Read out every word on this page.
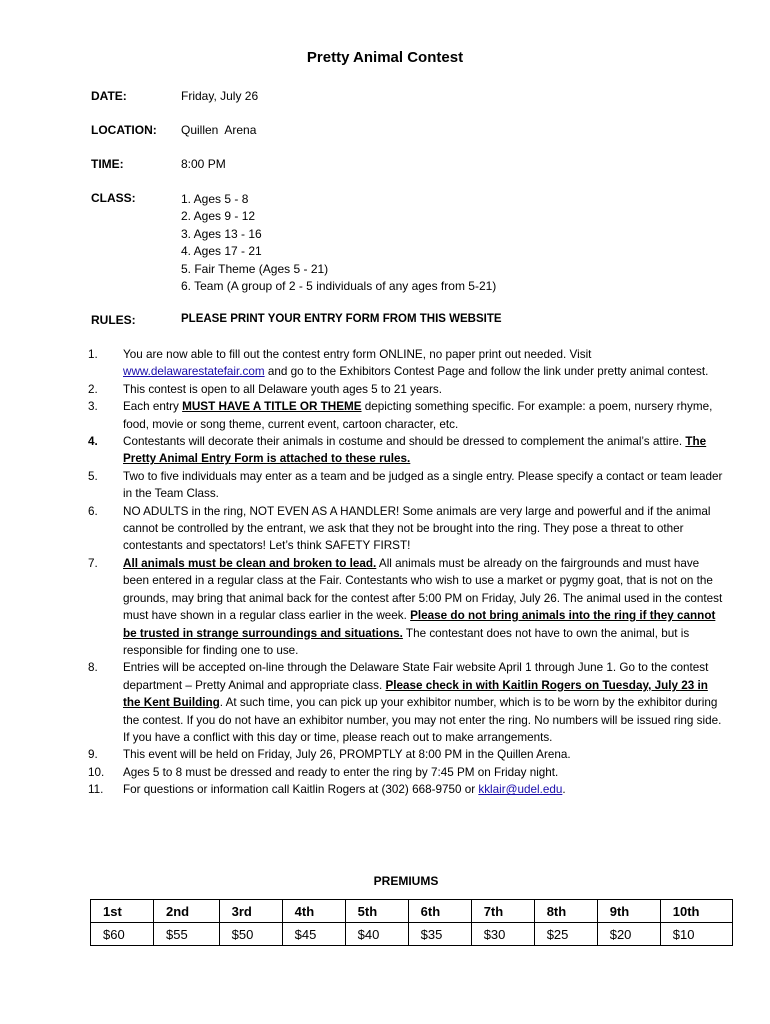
Pretty Animal Contest
DATE:	Friday, July 26
LOCATION: Quillen  Arena
TIME:	8:00 PM
CLASS:	1. Ages 5 - 8
2. Ages 9 - 12
3. Ages 13 - 16
4. Ages 17 - 21
5. Fair Theme (Ages 5 - 21)
6. Team (A group of 2 - 5 individuals of any ages from 5-21)
RULES:	PLEASE PRINT YOUR ENTRY FORM FROM THIS WEBSITE
1. You are now able to fill out the contest entry form ONLINE, no paper print out needed. Visit www.delawarestatefair.com and go to the Exhibitors Contest Page and follow the link under pretty animal contest.
2. This contest is open to all Delaware youth ages 5 to 21 years.
3. Each entry MUST HAVE A TITLE OR THEME depicting something specific. For example: a poem, nursery rhyme, food, movie or song theme, current event, cartoon character, etc.
4. Contestants will decorate their animals in costume and should be dressed to complement the animal’s attire. The Pretty Animal Entry Form is attached to these rules.
5. Two to five individuals may enter as a team and be judged as a single entry. Please specify a contact or team leader in the Team Class.
6. NO ADULTS in the ring, NOT EVEN AS A HANDLER! Some animals are very large and powerful and if the animal cannot be controlled by the entrant, we ask that they not be brought into the ring. They pose a threat to other contestants and spectators! Let’s think SAFETY FIRST!
7. All animals must be clean and broken to lead. All animals must be already on the fairgrounds and must have been entered in a regular class at the Fair. Contestants who wish to use a market or pygmy goat, that is not on the grounds, may bring that animal back for the contest after 5:00 PM on Friday, July 26. The animal used in the contest must have shown in a regular class earlier in the week. Please do not bring animals into the ring if they cannot be trusted in strange surroundings and situations. The contestant does not have to own the animal, but is responsible for finding one to use.
8. Entries will be accepted on-line through the Delaware State Fair website April 1 through June 1. Go to the contest department – Pretty Animal and appropriate class. Please check in with Kaitlin Rogers on Tuesday, July 23 in the Kent Building. At such time, you can pick up your exhibitor number, which is to be worn by the exhibitor during the contest. If you do not have an exhibitor number, you may not enter the ring. No numbers will be issued ring side. If you have a conflict with this day or time, please reach out to make arrangements.
9. This event will be held on Friday, July 26, PROMPTLY at 8:00 PM in the Quillen Arena.
10. Ages 5 to 8 must be dressed and ready to enter the ring by 7:45 PM on Friday night.
11. For questions or information call Kaitlin Rogers at (302) 668-9750 or kklair@udel.edu.
PREMIUMS
1st	2nd	3rd	4th	5th	6th	7th	8th	9th	10th
$60	$55	$50	$45	$40	$35	$30	$25	$20	$10
